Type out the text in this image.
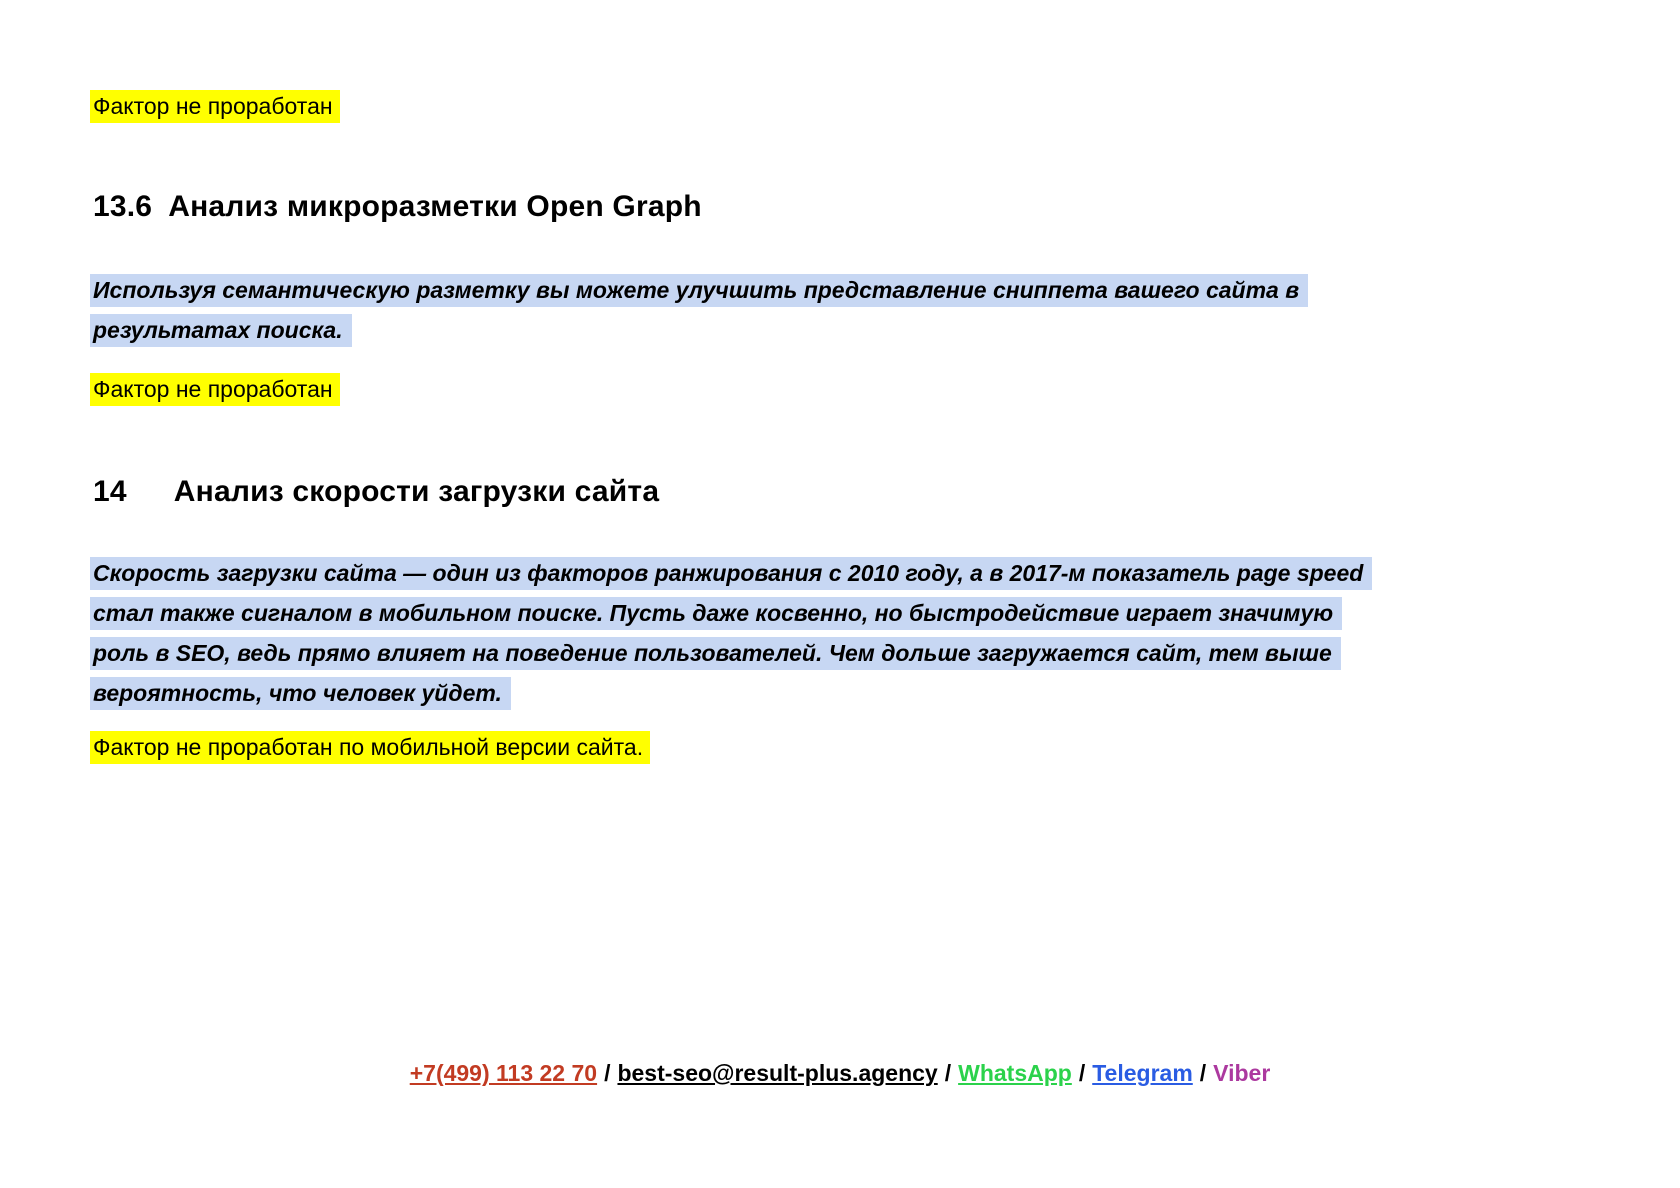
Фактор не проработан
13.6 Анализ микроразметки Open Graph
Используя семантическую разметку вы можете улучшить представление сниппета вашего сайта в
результатах поиска.
Фактор не проработан
14 Анализ скорости загрузки сайта
Скорость загрузки сайта — один из факторов ранжирования с 2010 году, а в 2017-м показатель page speed
стал также сигналом в мобильном поиске. Пусть даже косвенно, но быстродействие играет значимую
роль в SEO, ведь прямо влияет на поведение пользователей. Чем дольше загружается сайт, тем выше
вероятность, что человек уйдет.
Фактор не проработан по мобильной версии сайта.
+7(499) 113 22 70 / best-seo@result-plus.agency / WhatsApp / Telegram / Viber
